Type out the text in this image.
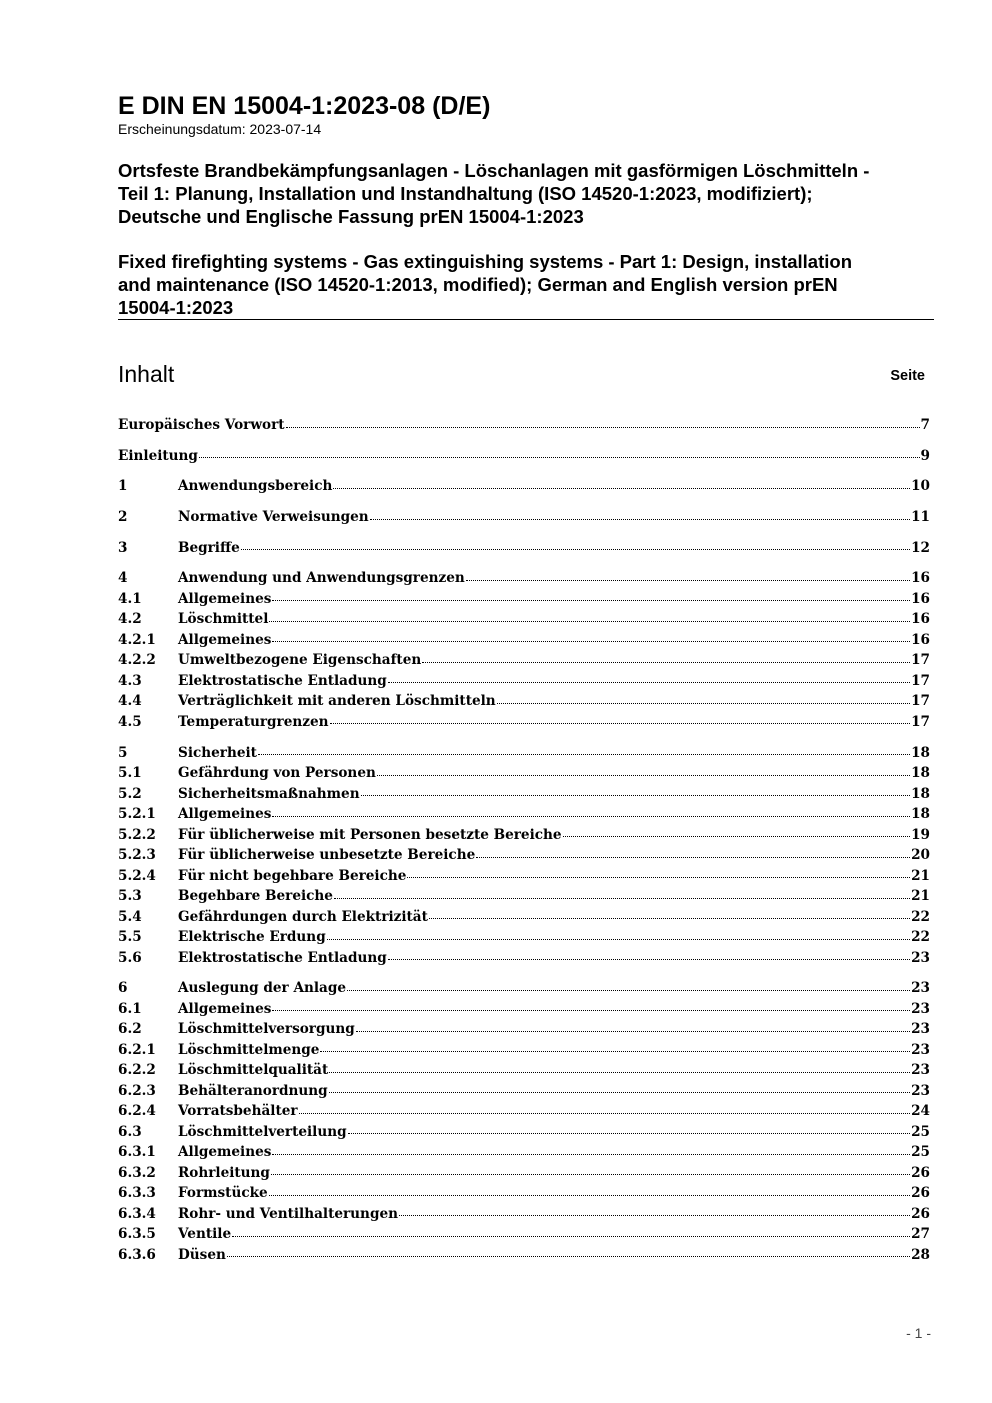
E DIN EN 15004-1:2023-08 (D/E)
Erscheinungsdatum: 2023-07-14
Ortsfeste Brandbekämpfungsanlagen - Löschanlagen mit gasförmigen Löschmitteln -
Teil 1: Planung, Installation und Instandhaltung (ISO 14520-1:2023, modifiziert);
Deutsche und Englische Fassung prEN 15004-1:2023
Fixed firefighting systems - Gas extinguishing systems - Part 1: Design, installation
and maintenance (ISO 14520-1:2013, modified); German and English version prEN
15004-1:2023
Inhalt	Seite
Europäisches Vorwort	7
Einleitung	9
1	Anwendungsbereich	10
2	Normative Verweisungen	11
3	Begriffe	12
4	Anwendung und Anwendungsgrenzen	16
4.1	Allgemeines	16
4.2	Löschmittel	16
4.2.1	Allgemeines	16
4.2.2	Umweltbezogene Eigenschaften	17
4.3	Elektrostatische Entladung	17
4.4	Verträglichkeit mit anderen Löschmitteln	17
4.5	Temperaturgrenzen	17
5	Sicherheit	18
5.1	Gefährdung von Personen	18
5.2	Sicherheitsmaßnahmen	18
5.2.1	Allgemeines	18
5.2.2	Für üblicherweise mit Personen besetzte Bereiche	19
5.2.3	Für üblicherweise unbesetzte Bereiche	20
5.2.4	Für nicht begehbare Bereiche	21
5.3	Begehbare Bereiche	21
5.4	Gefährdungen durch Elektrizität	22
5.5	Elektrische Erdung	22
5.6	Elektrostatische Entladung	23
6	Auslegung der Anlage	23
6.1	Allgemeines	23
6.2	Löschmittelversorgung	23
6.2.1	Löschmittelmenge	23
6.2.2	Löschmittelqualität	23
6.2.3	Behälteranordnung	23
6.2.4	Vorratsbehälter	24
6.3	Löschmittelverteilung	25
6.3.1	Allgemeines	25
6.3.2	Rohrleitung	26
6.3.3	Formstücke	26
6.3.4	Rohr- und Ventilhalterungen	26
6.3.5	Ventile	27
6.3.6	Düsen	28
- 1 -
